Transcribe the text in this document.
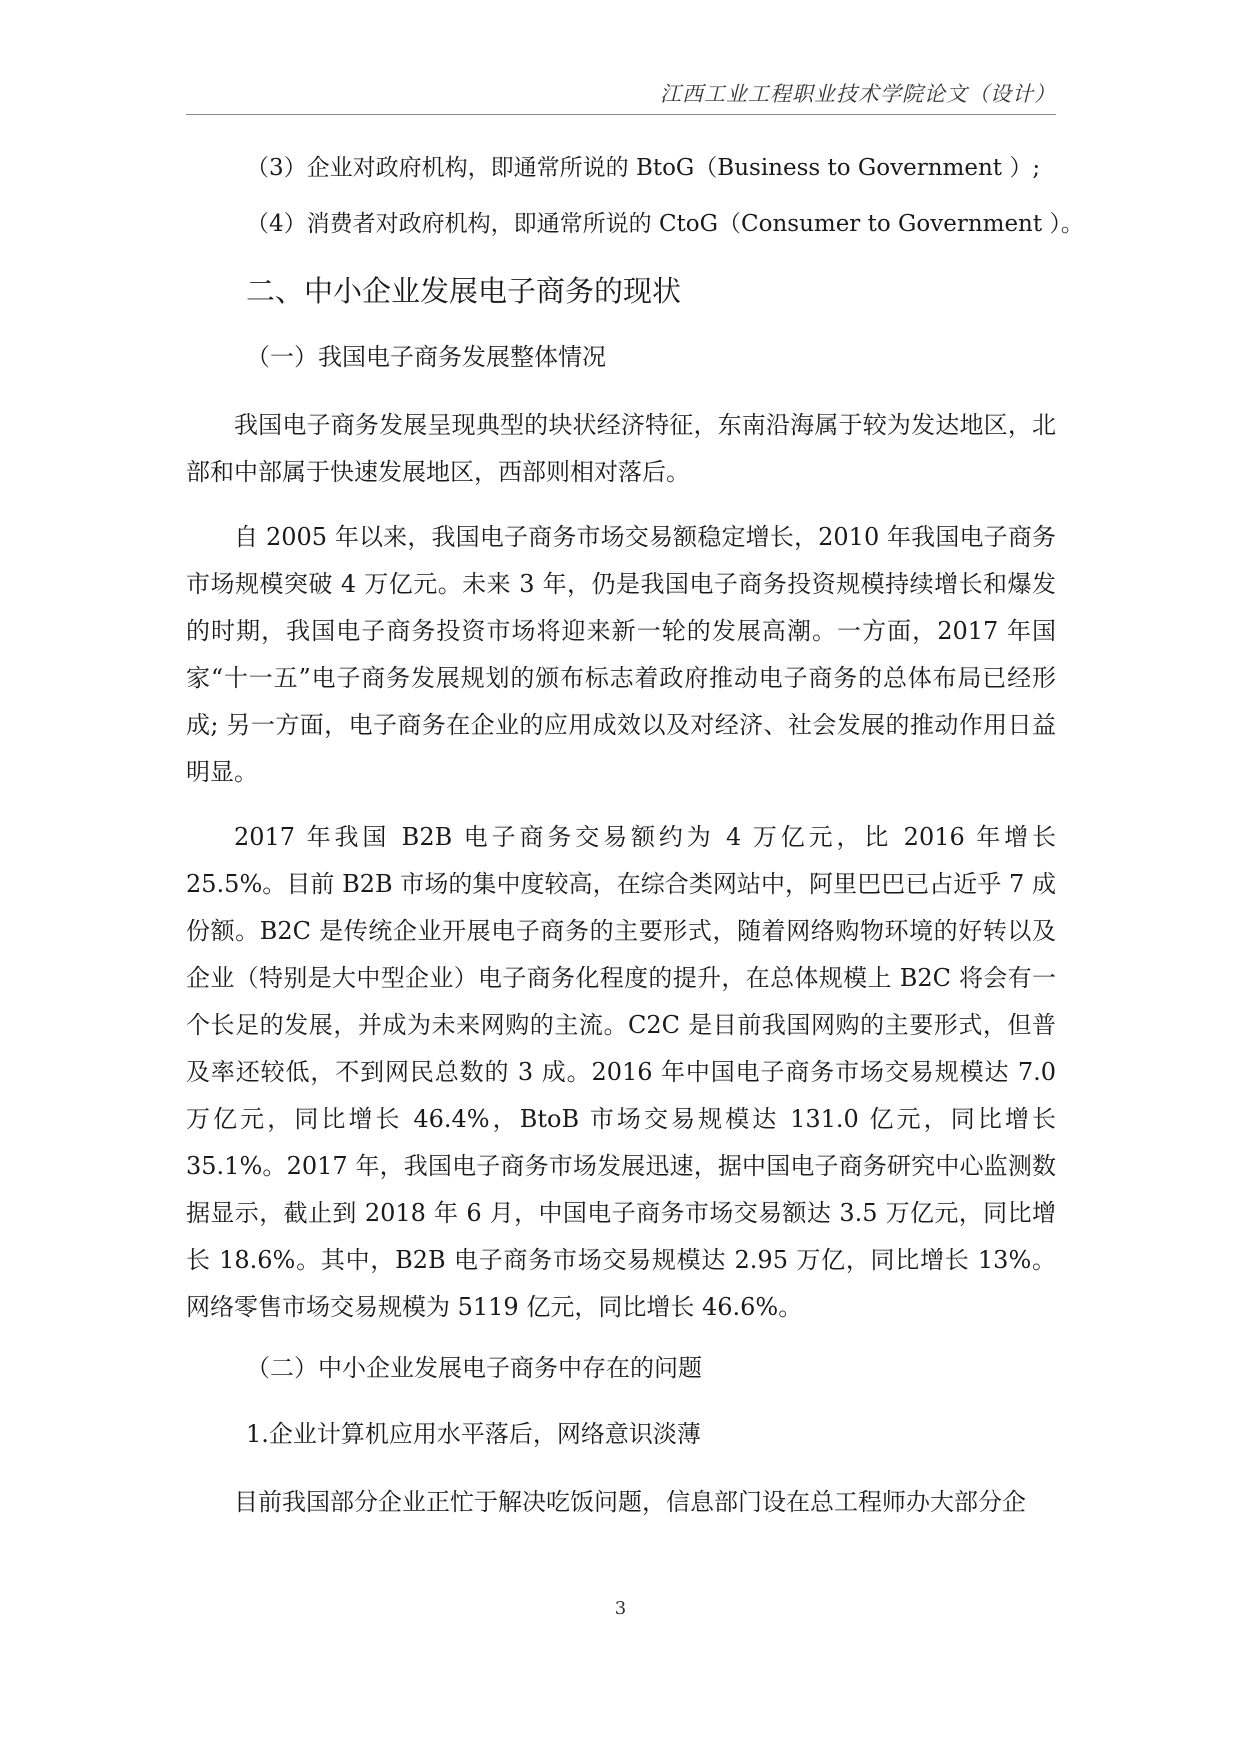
江西工业工程职业技术学院论文（设计）

（3）企业对政府机构，即通常所说的 BtoG（Business to Government ）;

（4）消费者对政府机构，即通常所说的 CtoG（Consumer to Government ）。

二、中小企业发展电子商务的现状
（一）我国电子商务发展整体情况

我国电子商务发展呈现典型的块状经济特征，东南沿海属于较为发达地区，北部和中部属于快速发展地区，西部则相对落后。

自 2005 年以来，我国电子商务市场交易额稳定增长，2010 年我国电子商务市场规模突破 4 万亿元。未来 3 年，仍是我国电子商务投资规模持续增长和爆发的时期，我国电子商务投资市场将迎来新一轮的发展高潮。一方面，2017 年国家“十一五”电子商务发展规划的颁布标志着政府推动电子商务的总体布局已经形成; 另一方面，电子商务在企业的应用成效以及对经济、社会发展的推动作用日益明显。

2017 年我国 B2B 电子商务交易额约为 4 万亿元，比 2016 年增长 25.5%。目前 B2B 市场的集中度较高，在综合类网站中，阿里巴巴已占近乎 7 成份额。B2C 是传统企业开展电子商务的主要形式，随着网络购物环境的好转以及企业（特别是大中型企业）电子商务化程度的提升，在总体规模上 B2C 将会有一个长足的发展，并成为未来网购的主流。C2C 是目前我国网购的主要形式，但普及率还较低，不到网民总数的 3 成。2016 年中国电子商务市场交易规模达 7.0 万亿元，同比增长 46.4%，BtoB 市场交易规模达 131.0 亿元，同比增长 35.1%。2017 年，我国电子商务市场发展迅速，据中国电子商务研究中心监测数据显示，截止到 2018 年 6 月，中国电子商务市场交易额达 3.5 万亿元，同比增长 18.6%。其中，B2B 电子商务市场交易规模达 2.95 万亿，同比增长 13%。网络零售市场交易规模为 5119 亿元，同比增长 46.6%。

（二）中小企业发展电子商务中存在的问题
1.企业计算机应用水平落后，网络意识淡薄

目前我国部分企业正忙于解决吃饭问题，信息部门设在总工程师办大部分企

3
